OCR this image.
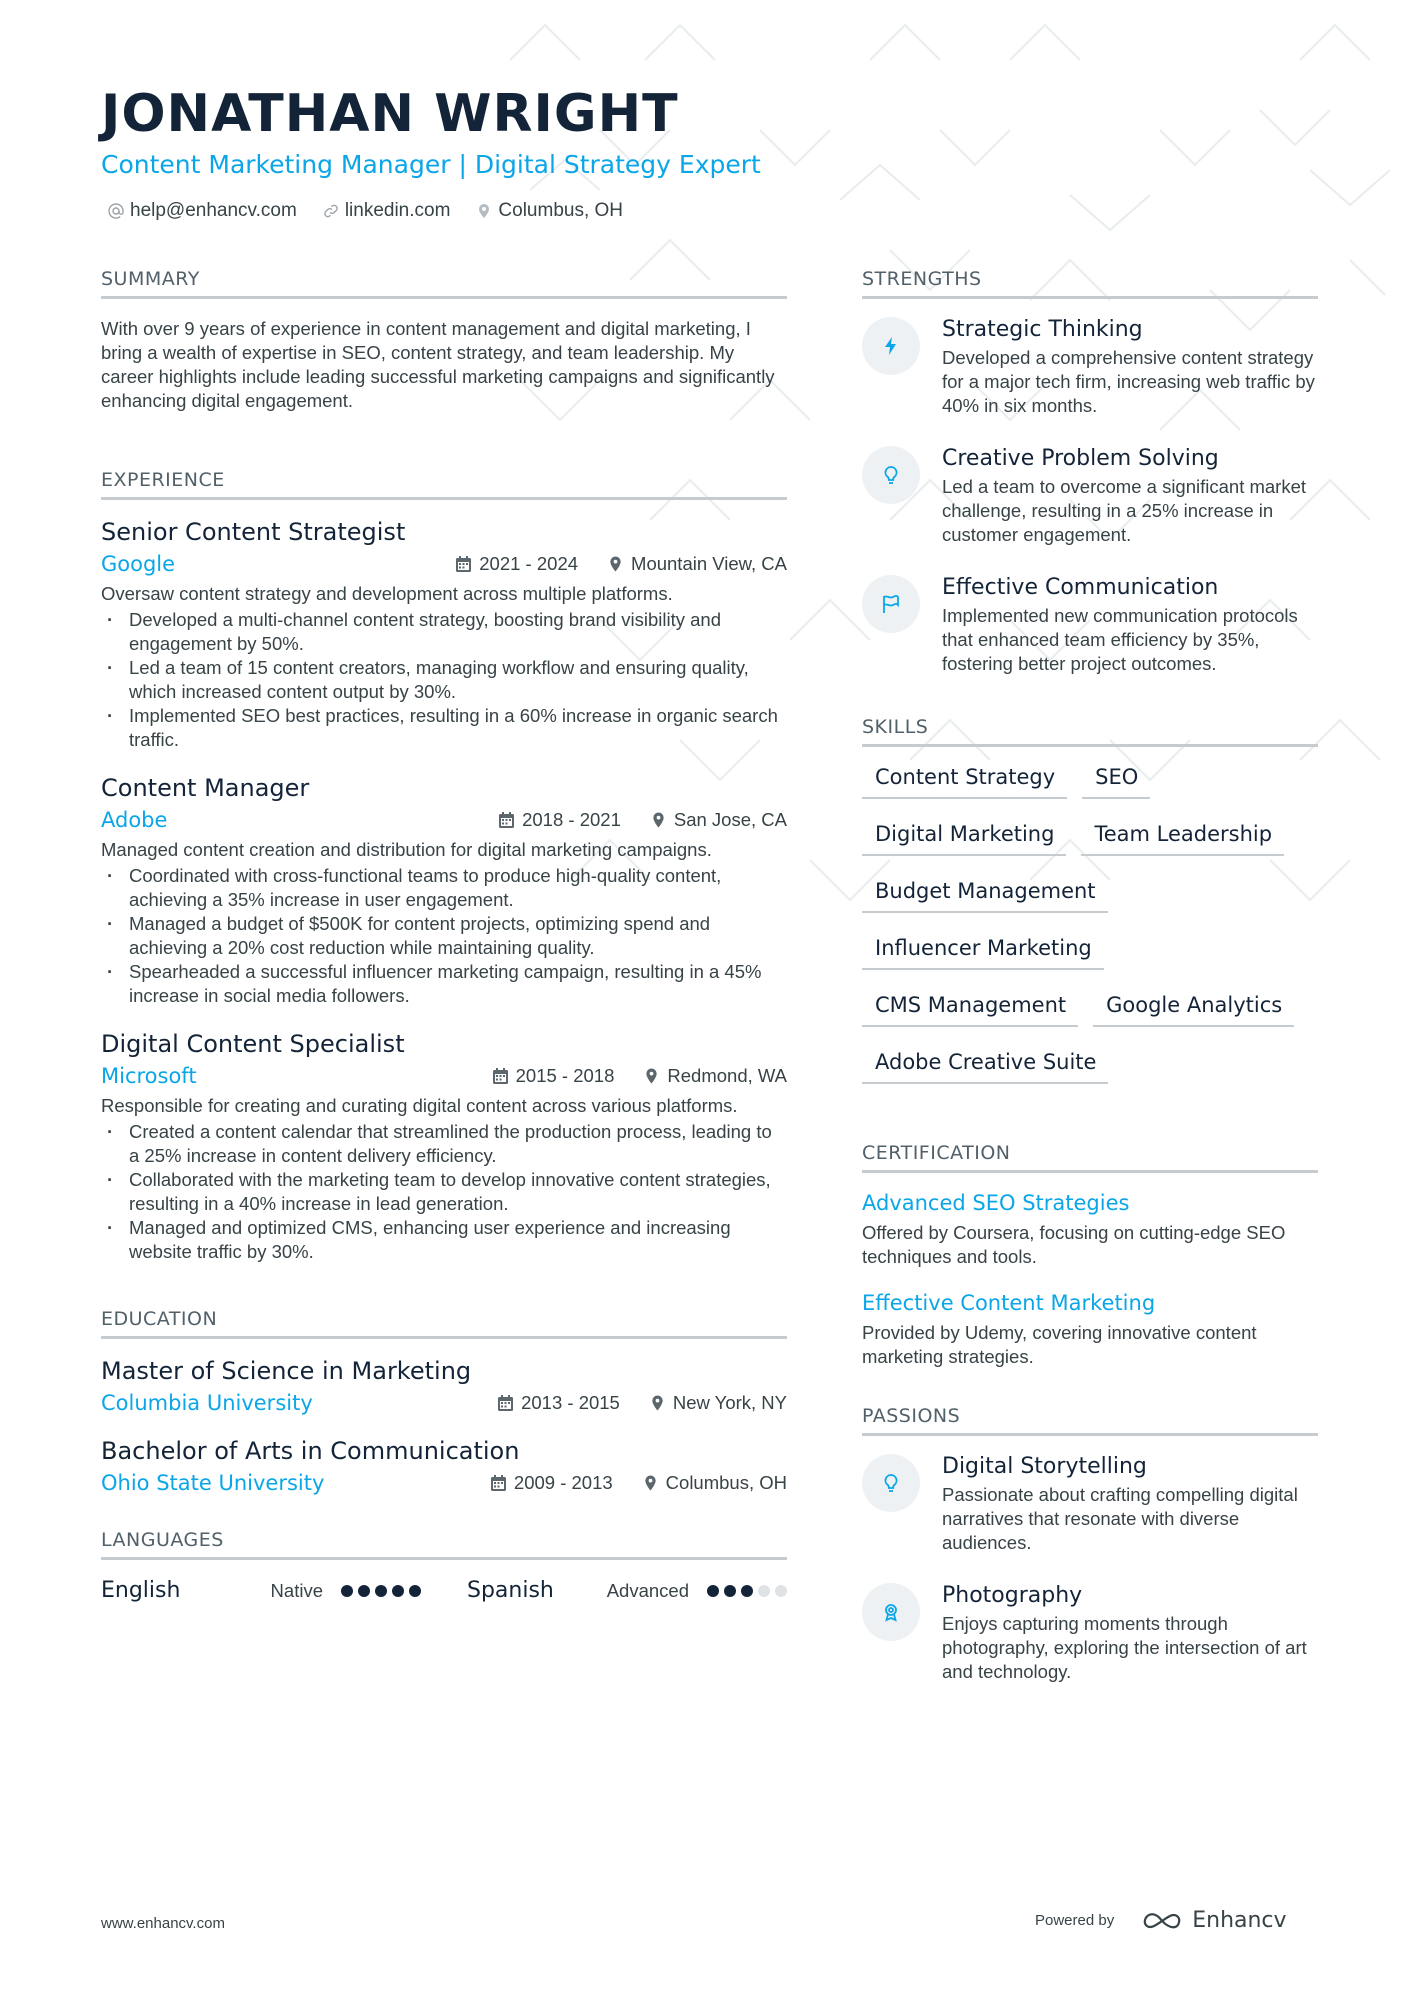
JONATHAN WRIGHT
Content Marketing Manager | Digital Strategy Expert
help@enhancv.com	linkedin.com	Columbus, OH
SUMMARY
With over 9 years of experience in content management and digital marketing, I bring a wealth of expertise in SEO, content strategy, and team leadership. My career highlights include leading successful marketing campaigns and significantly enhancing digital engagement.
EXPERIENCE
Senior Content Strategist
Google	2021 - 2024	Mountain View, CA
Oversaw content strategy and development across multiple platforms.
· Developed a multi-channel content strategy, boosting brand visibility and engagement by 50%.
· Led a team of 15 content creators, managing workflow and ensuring quality, which increased content output by 30%.
· Implemented SEO best practices, resulting in a 60% increase in organic search traffic.
Content Manager
Adobe	2018 - 2021	San Jose, CA
Managed content creation and distribution for digital marketing campaigns.
· Coordinated with cross-functional teams to produce high-quality content, achieving a 35% increase in user engagement.
· Managed a budget of $500K for content projects, optimizing spend and achieving a 20% cost reduction while maintaining quality.
· Spearheaded a successful influencer marketing campaign, resulting in a 45% increase in social media followers.
Digital Content Specialist
Microsoft	2015 - 2018	Redmond, WA
Responsible for creating and curating digital content across various platforms.
· Created a content calendar that streamlined the production process, leading to a 25% increase in content delivery efficiency.
· Collaborated with the marketing team to develop innovative content strategies, resulting in a 40% increase in lead generation.
· Managed and optimized CMS, enhancing user experience and increasing website traffic by 30%.
EDUCATION
Master of Science in Marketing
Columbia University	2013 - 2015	New York, NY
Bachelor of Arts in Communication
Ohio State University	2009 - 2013	Columbus, OH
LANGUAGES
English	Native	Spanish	Advanced
STRENGTHS
Strategic Thinking
Developed a comprehensive content strategy for a major tech firm, increasing web traffic by 40% in six months.
Creative Problem Solving
Led a team to overcome a significant market challenge, resulting in a 25% increase in customer engagement.
Effective Communication
Implemented new communication protocols that enhanced team efficiency by 35%, fostering better project outcomes.
SKILLS
Content Strategy	SEO
Digital Marketing	Team Leadership
Budget Management
Influencer Marketing
CMS Management	Google Analytics
Adobe Creative Suite
CERTIFICATION
Advanced SEO Strategies
Offered by Coursera, focusing on cutting-edge SEO techniques and tools.
Effective Content Marketing
Provided by Udemy, covering innovative content marketing strategies.
PASSIONS
Digital Storytelling
Passionate about crafting compelling digital narratives that resonate with diverse audiences.
Photography
Enjoys capturing moments through photography, exploring the intersection of art and technology.
www.enhancv.com	Powered by	Enhancv
